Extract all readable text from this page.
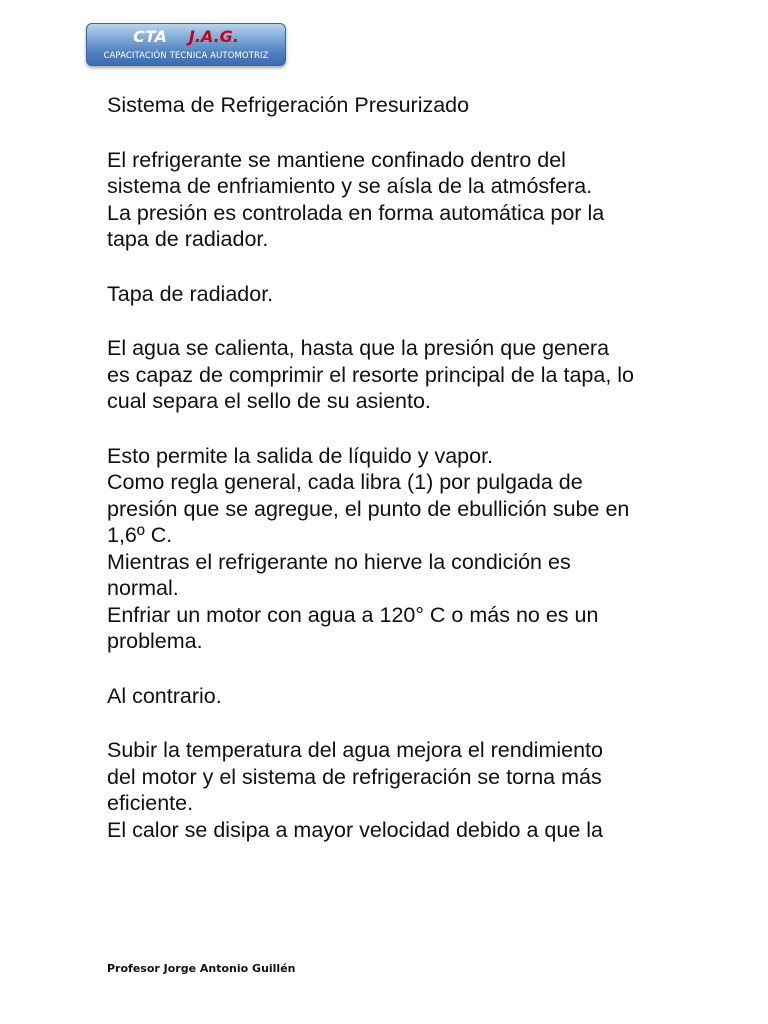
CTA J.A.G.
CAPACITACIÓN TECNICA AUTOMOTRIZ

Sistema de Refrigeración Presurizado

El refrigerante se mantiene confinado dentro del
sistema de enfriamiento y se aísla de la atmósfera.
La presión es controlada en forma automática por la
tapa de radiador.

Tapa de radiador.

El agua se calienta, hasta que la presión que genera
es capaz de comprimir el resorte principal de la tapa, lo
cual separa el sello de su asiento.

Esto permite la salida de líquido y vapor.
Como regla general, cada libra (1) por pulgada de
presión que se agregue, el punto de ebullición sube en
1,6º C.
Mientras el refrigerante no hierve la condición es
normal.
Enfriar un motor con agua a 120° C o más no es un
problema.

Al contrario.

Subir la temperatura del agua mejora el rendimiento
del motor y el sistema de refrigeración se torna más
eficiente.
El calor se disipa a mayor velocidad debido a que la

Profesor Jorge Antonio Guillén
